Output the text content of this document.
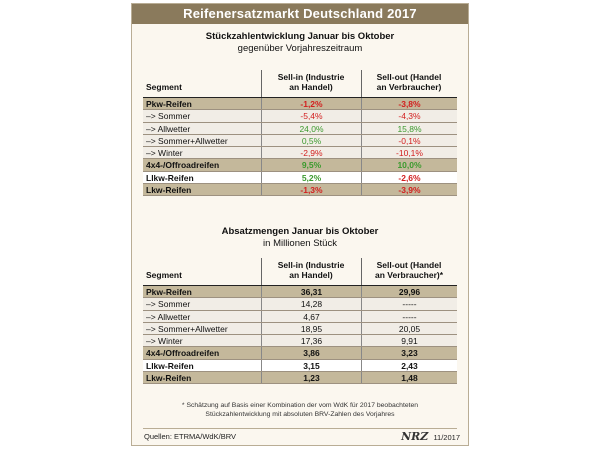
Reifenersatzmarkt Deutschland 2017
Stückzahlentwicklung Januar bis Oktober
gegenüber Vorjahreszeitraum
Segment
Sell-in (Industrie
an Handel)
Sell-out (Handel
an Verbraucher)
Pkw-Reifen	-1,2%	-3,8%
–> Sommer	-5,4%	-4,3%
–> Allwetter	24,0%	15,8%
–> Sommer+Allwetter	0,5%	-0,1%
–> Winter	-2,9%	-10,1%
4x4-/Offroadreifen	9,5%	10,0%
Llkw-Reifen	5,2%	-2,6%
Lkw-Reifen	-1,3%	-3,9%
Absatzmengen Januar bis Oktober
in Millionen Stück
Segment
Sell-in (Industrie
an Handel)
Sell-out (Handel
an Verbraucher)*
Pkw-Reifen	36,31	29,96
–> Sommer	14,28	-----
–> Allwetter	4,67	-----
–> Sommer+Allwetter	18,95	20,05
–> Winter	17,36	9,91
4x4-/Offroadreifen	3,86	3,23
Llkw-Reifen	3,15	2,43
Lkw-Reifen	1,23	1,48
* Schätzung auf Basis einer Kombination der vom WdK für 2017 beobachteten
Stückzahlentwicklung mit absoluten BRV-Zahlen des Vorjahres
Quellen: ETRMA/WdK/BRV	NRZ 11/2017
